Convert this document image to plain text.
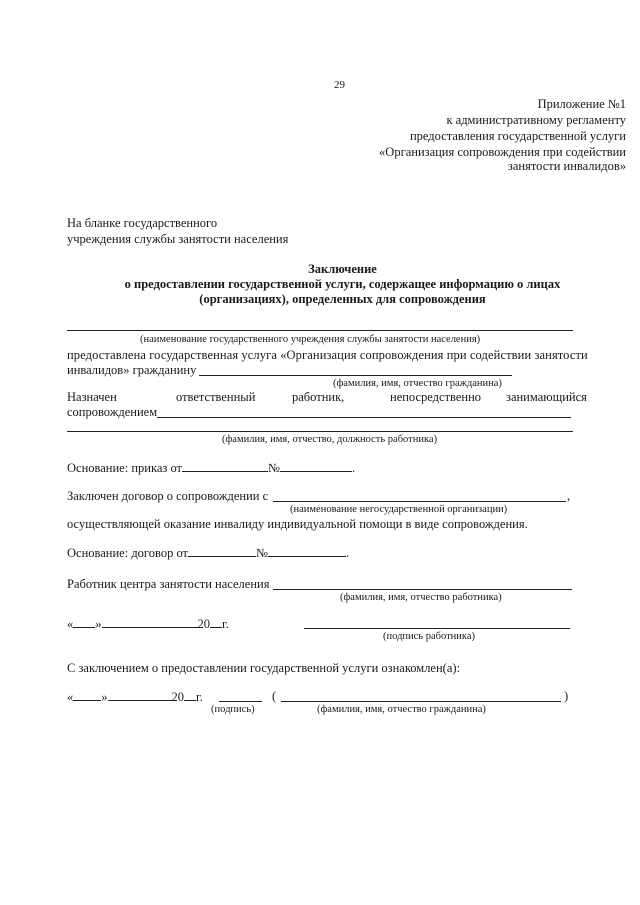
29
Приложение №1
к административному регламенту
предоставления государственной услуги
«Организация сопровождения при содействии
занятости инвалидов»
На бланке государственного
учреждения службы занятости населения
Заключение
о предоставлении государственной услуги, содержащее информацию о лицах
(организациях), определенных для сопровождения
(наименование государственного учреждения службы занятости населения)
предоставлена государственная услуга «Организация сопровождения при содействии занятости
инвалидов» гражданину
(фамилия, имя, отчество гражданина)
Назначен	ответственный	работник,	непосредственно занимающийся
сопровождением
(фамилия, имя, отчество, должность работника)
Основание: приказ от	№	.
Заключен договор о сопровождении с	,
(наименование негосударственной организации)
осуществляющей оказание инвалиду индивидуальной помощи в виде сопровождения.
Основание: договор от	№	.
Работник центра занятости населения
(фамилия, имя, отчество работника)
« »	20 г.
(подпись работника)
С заключением о предоставлении государственной услуги ознакомлен(а):
« »	20 г.	(	)
(подпись)	(фамилия, имя, отчество гражданина)
